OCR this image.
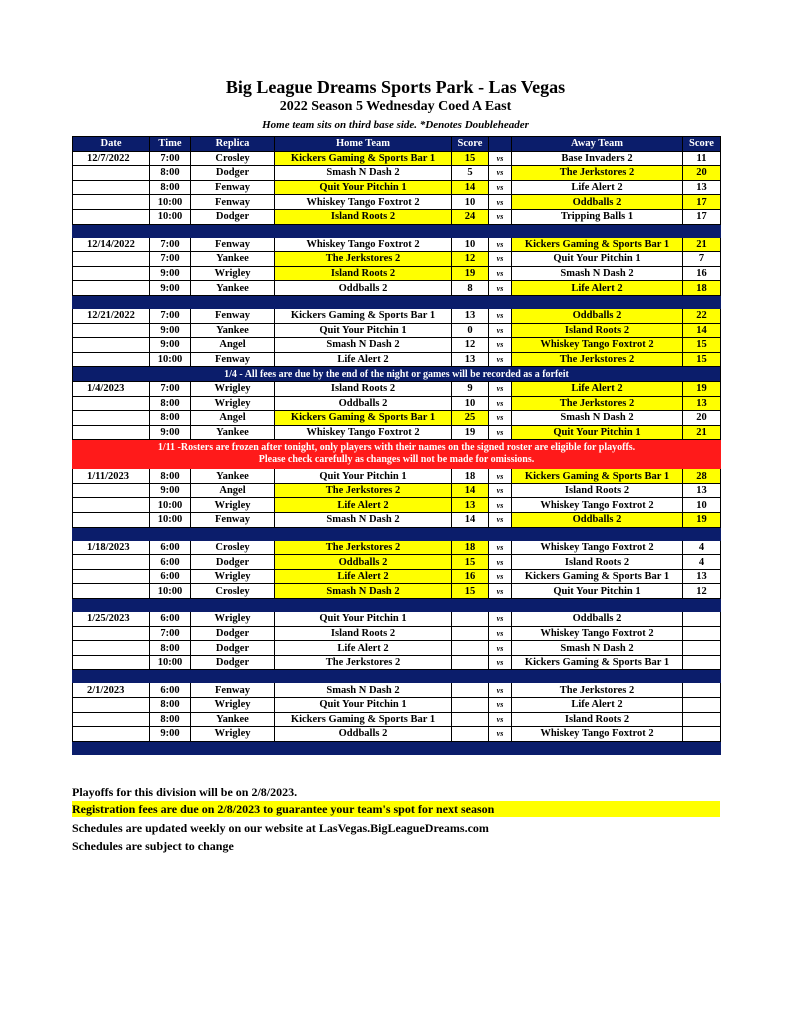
Big League Dreams Sports Park - Las Vegas
2022 Season 5 Wednesday Coed A East
Home team sits on third base side. *Denotes Doubleheader
Date	Time	Replica	Home Team	Score		Away Team	Score
12/7/2022	7:00	Crosley	Kickers Gaming & Sports Bar 1	15	vs	Base Invaders 2	11
	8:00	Dodger	Smash N Dash 2	5	vs	The Jerkstores 2	20
	8:00	Fenway	Quit Your Pitchin 1	14	vs	Life Alert 2	13
	10:00	Fenway	Whiskey Tango Foxtrot 2	10	vs	Oddballs 2	17
	10:00	Dodger	Island Roots 2	24	vs	Tripping Balls 1	17

12/14/2022	7:00	Fenway	Whiskey Tango Foxtrot 2	10	vs	Kickers Gaming & Sports Bar 1	21
	7:00	Yankee	The Jerkstores 2	12	vs	Quit Your Pitchin 1	7
	9:00	Wrigley	Island Roots 2	19	vs	Smash N Dash 2	16
	9:00	Yankee	Oddballs 2	8	vs	Life Alert 2	18

12/21/2022	7:00	Fenway	Kickers Gaming & Sports Bar 1	13	vs	Oddballs 2	22
	9:00	Yankee	Quit Your Pitchin 1	0	vs	Island Roots 2	14
	9:00	Angel	Smash N Dash 2	12	vs	Whiskey Tango Foxtrot 2	15
	10:00	Fenway	Life Alert 2	13	vs	The Jerkstores 2	15
1/4 - All fees are due by the end of the night or games will be recorded as a forfeit							
1/4/2023	7:00	Wrigley	Island Roots 2	9	vs	Life Alert 2	19
	8:00	Wrigley	Oddballs 2	10	vs	The Jerkstores 2	13
	8:00	Angel	Kickers Gaming & Sports Bar 1	25	vs	Smash N Dash 2	20
	9:00	Yankee	Whiskey Tango Foxtrot 2	19	vs	Quit Your Pitchin 1	21

1/11 -Rosters are frozen after tonight, only players with their names on the signed roster are eligible for playoffs.
Please check carefully as changes will not be made for omissions.							

1/11/2023	8:00	Yankee	Quit Your Pitchin 1	18	vs	Kickers Gaming & Sports Bar 1	28
	9:00	Angel	The Jerkstores 2	14	vs	Island Roots 2	13
	10:00	Wrigley	Life Alert 2	13	vs	Whiskey Tango Foxtrot 2	10
	10:00	Fenway	Smash N Dash 2	14	vs	Oddballs 2	19

1/18/2023	6:00	Crosley	The Jerkstores 2	18	vs	Whiskey Tango Foxtrot 2	4
	6:00	Dodger	Oddballs 2	15	vs	Island Roots 2	4
	6:00	Wrigley	Life Alert 2	16	vs	Kickers Gaming & Sports Bar 1	13
	10:00	Crosley	Smash N Dash 2	15	vs	Quit Your Pitchin 1	12

1/25/2023	6:00	Wrigley	Quit Your Pitchin 1		vs	Oddballs 2	
	7:00	Dodger	Island Roots 2		vs	Whiskey Tango Foxtrot 2	
	8:00	Dodger	Life Alert 2		vs	Smash N Dash 2	
	10:00	Dodger	The Jerkstores 2		vs	Kickers Gaming & Sports Bar 1	

2/1/2023	6:00	Fenway	Smash N Dash 2		vs	The Jerkstores 2	
	8:00	Wrigley	Quit Your Pitchin 1		vs	Life Alert 2	
	8:00	Yankee	Kickers Gaming & Sports Bar 1		vs	Island Roots 2	
	9:00	Wrigley	Oddballs 2		vs	Whiskey Tango Foxtrot 2	

Playoffs for this division will be on 2/8/2023.
Registration fees are due on 2/8/2023 to guarantee your team's spot for next season
Schedules are updated weekly on our website at LasVegas.BigLeagueDreams.com
Schedules are subject to change
